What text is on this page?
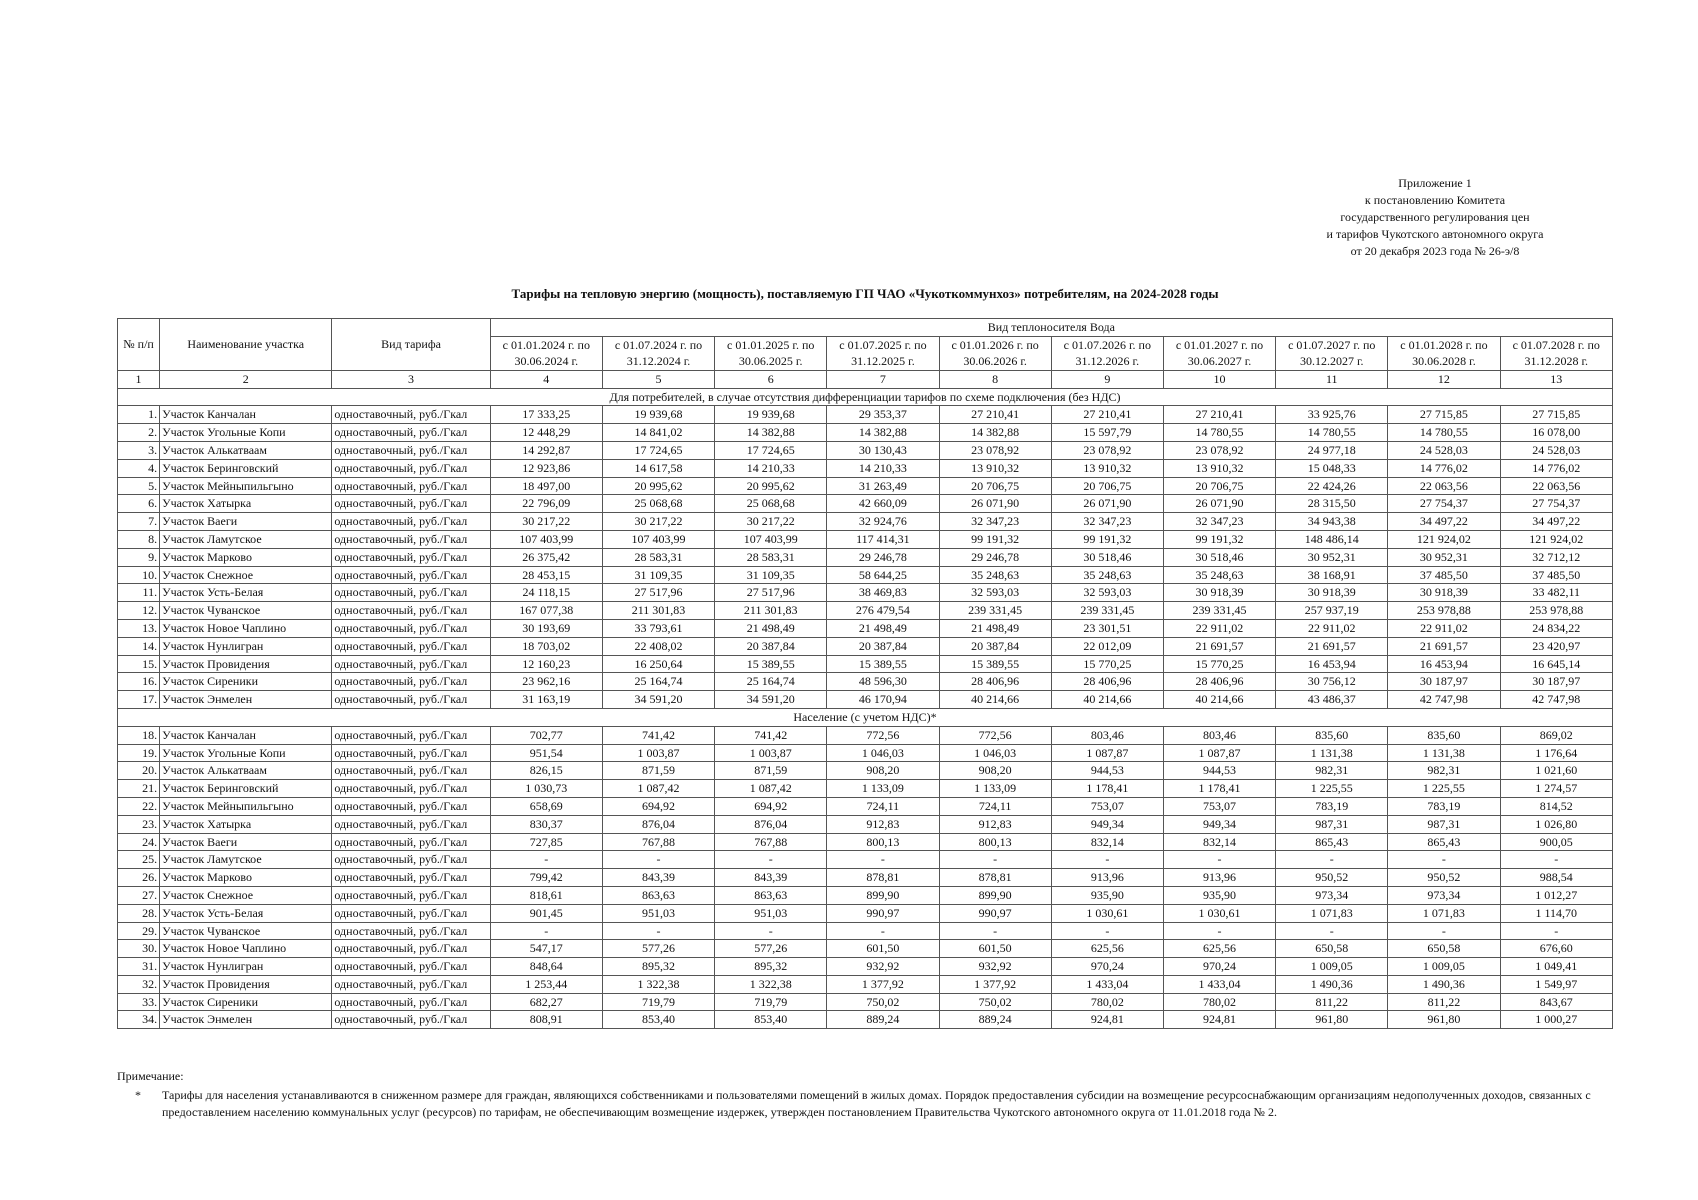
Приложение 1
к постановлению Комитета
государственного регулирования цен
и тарифов Чукотского автономного округа
от 20 декабря 2023 года № 26-э/8
Тарифы на тепловую энергию (мощность), поставляемую ГП ЧАО «Чукоткоммунхоз» потребителям, на 2024-2028 годы
№ п/п	Наименование участка	Вид тарифа	Вид теплоносителя Вода									
			с 01.01.2024 г. по 30.06.2024 г.	с 01.07.2024 г. по 31.12.2024 г.	с 01.01.2025 г. по 30.06.2025 г.	с 01.07.2025 г. по 31.12.2025 г.	с 01.01.2026 г. по 30.06.2026 г.	с 01.07.2026 г. по 31.12.2026 г.	с 01.01.2027 г. по 30.06.2027 г.	с 01.07.2027 г. по 30.12.2027 г.	с 01.01.2028 г. по 30.06.2028 г.	с 01.07.2028 г. по 31.12.2028 г.
1	2	3	4	5	6	7	8	9	10	11	12	13
Для потребителей, в случае отсутствия дифференциации тарифов по схеме подключения (без НДС)												
1.	Участок Канчалан	одноставочный, руб./Гкал	17 333,25	19 939,68	19 939,68	29 353,37	27 210,41	27 210,41	27 210,41	33 925,76	27 715,85	27 715,85
2.	Участок Угольные Копи	одноставочный, руб./Гкал	12 448,29	14 841,02	14 382,88	14 382,88	14 382,88	15 597,79	14 780,55	14 780,55	14 780,55	16 078,00
3.	Участок Алькатваам	одноставочный, руб./Гкал	14 292,87	17 724,65	17 724,65	30 130,43	23 078,92	23 078,92	23 078,92	24 977,18	24 528,03	24 528,03
4.	Участок Беринговский	одноставочный, руб./Гкал	12 923,86	14 617,58	14 210,33	14 210,33	13 910,32	13 910,32	13 910,32	15 048,33	14 776,02	14 776,02
5.	Участок Мейныпильгыно	одноставочный, руб./Гкал	18 497,00	20 995,62	20 995,62	31 263,49	20 706,75	20 706,75	20 706,75	22 424,26	22 063,56	22 063,56
6.	Участок Хатырка	одноставочный, руб./Гкал	22 796,09	25 068,68	25 068,68	42 660,09	26 071,90	26 071,90	26 071,90	28 315,50	27 754,37	27 754,37
7.	Участок Ваеги	одноставочный, руб./Гкал	30 217,22	30 217,22	30 217,22	32 924,76	32 347,23	32 347,23	32 347,23	34 943,38	34 497,22	34 497,22
8.	Участок Ламутское	одноставочный, руб./Гкал	107 403,99	107 403,99	107 403,99	117 414,31	99 191,32	99 191,32	99 191,32	148 486,14	121 924,02	121 924,02
9.	Участок Марково	одноставочный, руб./Гкал	26 375,42	28 583,31	28 583,31	29 246,78	29 246,78	30 518,46	30 518,46	30 952,31	30 952,31	32 712,12
10.	Участок Снежное	одноставочный, руб./Гкал	28 453,15	31 109,35	31 109,35	58 644,25	35 248,63	35 248,63	35 248,63	38 168,91	37 485,50	37 485,50
11.	Участок Усть-Белая	одноставочный, руб./Гкал	24 118,15	27 517,96	27 517,96	38 469,83	32 593,03	32 593,03	30 918,39	30 918,39	30 918,39	33 482,11
12.	Участок Чуванское	одноставочный, руб./Гкал	167 077,38	211 301,83	211 301,83	276 479,54	239 331,45	239 331,45	239 331,45	257 937,19	253 978,88	253 978,88
13.	Участок Новое Чаплино	одноставочный, руб./Гкал	30 193,69	33 793,61	21 498,49	21 498,49	21 498,49	23 301,51	22 911,02	22 911,02	22 911,02	24 834,22
14.	Участок Нунлигран	одноставочный, руб./Гкал	18 703,02	22 408,02	20 387,84	20 387,84	20 387,84	22 012,09	21 691,57	21 691,57	21 691,57	23 420,97
15.	Участок Провидения	одноставочный, руб./Гкал	12 160,23	16 250,64	15 389,55	15 389,55	15 389,55	15 770,25	15 770,25	16 453,94	16 453,94	16 645,14
16.	Участок Сиреники	одноставочный, руб./Гкал	23 962,16	25 164,74	25 164,74	48 596,30	28 406,96	28 406,96	28 406,96	30 756,12	30 187,97	30 187,97
17.	Участок Энмелен	одноставочный, руб./Гкал	31 163,19	34 591,20	34 591,20	46 170,94	40 214,66	40 214,66	40 214,66	43 486,37	42 747,98	42 747,98
Население (с учетом НДС)*												
18.	Участок Канчалан	одноставочный, руб./Гкал	702,77	741,42	741,42	772,56	772,56	803,46	803,46	835,60	835,60	869,02
19.	Участок Угольные Копи	одноставочный, руб./Гкал	951,54	1 003,87	1 003,87	1 046,03	1 046,03	1 087,87	1 087,87	1 131,38	1 131,38	1 176,64
20.	Участок Алькатваам	одноставочный, руб./Гкал	826,15	871,59	871,59	908,20	908,20	944,53	944,53	982,31	982,31	1 021,60
21.	Участок Беринговский	одноставочный, руб./Гкал	1 030,73	1 087,42	1 087,42	1 133,09	1 133,09	1 178,41	1 178,41	1 225,55	1 225,55	1 274,57
22.	Участок Мейныпильгыно	одноставочный, руб./Гкал	658,69	694,92	694,92	724,11	724,11	753,07	753,07	783,19	783,19	814,52
23.	Участок Хатырка	одноставочный, руб./Гкал	830,37	876,04	876,04	912,83	912,83	949,34	949,34	987,31	987,31	1 026,80
24.	Участок Ваеги	одноставочный, руб./Гкал	727,85	767,88	767,88	800,13	800,13	832,14	832,14	865,43	865,43	900,05
25.	Участок Ламутское	одноставочный, руб./Гкал	-	-	-	-	-	-	-	-	-	-
26.	Участок Марково	одноставочный, руб./Гкал	799,42	843,39	843,39	878,81	878,81	913,96	913,96	950,52	950,52	988,54
27.	Участок Снежное	одноставочный, руб./Гкал	818,61	863,63	863,63	899,90	899,90	935,90	935,90	973,34	973,34	1 012,27
28.	Участок Усть-Белая	одноставочный, руб./Гкал	901,45	951,03	951,03	990,97	990,97	1 030,61	1 030,61	1 071,83	1 071,83	1 114,70
29.	Участок Чуванское	одноставочный, руб./Гкал	-	-	-	-	-	-	-	-	-	-
30.	Участок Новое Чаплино	одноставочный, руб./Гкал	547,17	577,26	577,26	601,50	601,50	625,56	625,56	650,58	650,58	676,60
31.	Участок Нунлигран	одноставочный, руб./Гкал	848,64	895,32	895,32	932,92	932,92	970,24	970,24	1 009,05	1 009,05	1 049,41
32.	Участок Провидения	одноставочный, руб./Гкал	1 253,44	1 322,38	1 322,38	1 377,92	1 377,92	1 433,04	1 433,04	1 490,36	1 490,36	1 549,97
33.	Участок Сиреники	одноставочный, руб./Гкал	682,27	719,79	719,79	750,02	750,02	780,02	780,02	811,22	811,22	843,67
34.	Участок Энмелен	одноставочный, руб./Гкал	808,91	853,40	853,40	889,24	889,24	924,81	924,81	961,80	961,80	1 000,27
Примечание:
* Тарифы для населения устанавливаются в сниженном размере для граждан, являющихся собственниками и пользователями помещений в жилых домах. Порядок предоставления субсидии на возмещение ресурсоснабжающим организациям недополученных доходов, связанных с предоставлением населению коммунальных услуг (ресурсов) по тарифам, не обеспечивающим возмещение издержек, утвержден постановлением Правительства Чукотского автономного округа от 11.01.2018 года № 2.
